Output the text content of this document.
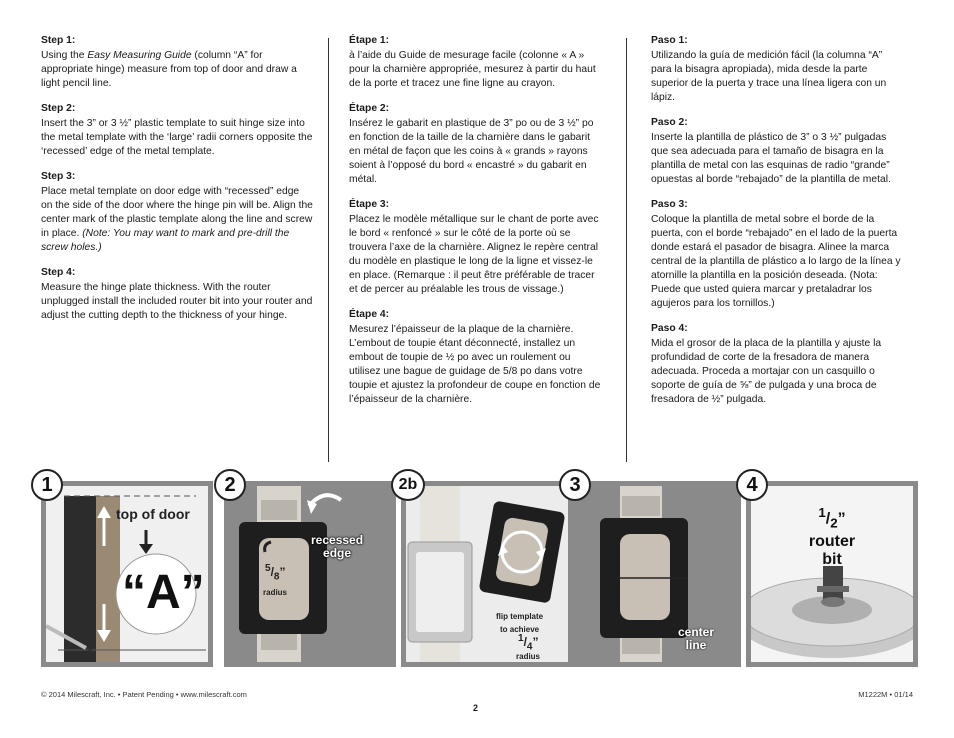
Step 1:

Using the Easy Measuring Guide (column “A” for appropriate hinge) measure from top of door and draw a light pencil line.

Step 2:

Insert the 3” or 3 ½” plastic template to suit hinge size into the metal template with the ‘large’ radii corners opposite the ‘recessed’ edge of the metal template.

Step 3:

Place metal template on door edge with “recessed” edge on the side of the door where the hinge pin will be. Align the center mark of the plastic template along the line and screw in place. (Note: You may want to mark and pre-drill the screw holes.)

Step 4:

Measure the hinge plate thickness. With the router unplugged install the included router bit into your router and adjust the cutting depth to the thickness of your hinge.

Étape 1:

à l’aide du Guide de mesurage facile (colonne « A » pour la charnière appropriée, mesurez à partir du haut de la porte et tracez une fine ligne au crayon.

Étape 2:

Insérez le gabarit en plastique de 3” po ou de 3 ½” po en fonction de la taille de la charnière dans le gabarit en métal de façon que les coins à « grands » rayons soient à l’opposé du bord « encastré » du gabarit en métal.

Étape 3:

Placez le modèle métallique sur le chant de porte avec le bord « renfoncé » sur le côté de la porte où se trouvera l’axe de la charnière. Alignez le repère central du modèle en plastique le long de la ligne et vissez-le en place. (Remarque : il peut être préférable de tracer et de percer au préalable les trous de vissage.)

Étape 4:

Mesurez l’épaisseur de la plaque de la charnière. L’embout de toupie étant déconnecté, installez un embout de toupie de ½ po avec un roulement ou utilisez une bague de guidage de 5/8 po dans votre toupie et ajustez la profondeur de coupe en fonction de l’épaisseur de la charnière.

Paso 1:

Utilizando la guía de medición fácil (la columna “A” para la bisagra apropiada), mida desde la parte superior de la puerta y trace una línea ligera con un lápiz.

Paso 2:

Inserte la plantilla de plástico de 3” o 3 ½” pulgadas que sea adecuada para el tamaño de bisagra en la plantilla de metal con las esquinas de radio “grande” opuestas al borde “rebajado” de la plantilla de metal.

Paso 3:

Coloque la plantilla de metal sobre el borde de la puerta, con el borde “rebajado” en el lado de la puerta donde estará el pasador de bisagra. Alinee la marca central de la plantilla de plástico a lo largo de la línea y atornille la plantilla en la posición deseada. (Nota: Puede que usted quiera marcar y pretaladrar los agujeros para los tornillos.)

Paso 4:

Mida el grosor de la placa de la plantilla y ajuste la profundidad de corte de la fresadora de manera adecuada. Proceda a mortajar con un casquillo o soporte de guía de ⅝” de pulgada y una broca de fresadora de ½” pulgada.

1
top of door
“A”
2
recessed
edge
$^5/_8$”
radius
2b
flip template
to achieve
$^1/_4$”
radius
3
center
line
4
$^1/_2$”
router
bit
© 2014 Milescraft, Inc. • Patent Pending • www.milescraft.com
2
M1222M • 01/14
